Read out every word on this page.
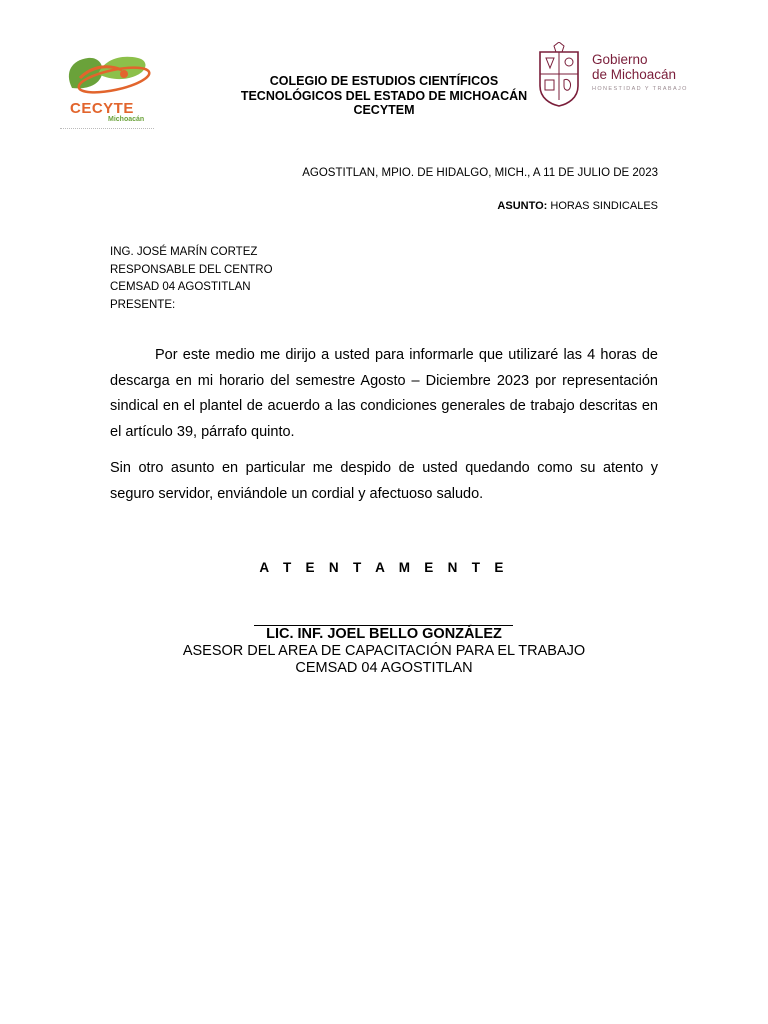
CECYTE
Michoacán
COLEGIO DE ESTUDIOS CIENTÍFICOS
TECNOLÓGICOS DEL ESTADO DE MICHOACÁN
CECYTEM
Gobierno
de Michoacán
HONESTIDAD Y TRABAJO
AGOSTITLAN, MPIO. DE HIDALGO, MICH., A 11 DE JULIO DE 2023
ASUNTO: HORAS SINDICALES
ING. JOSÉ MARÍN CORTEZ
RESPONSABLE DEL CENTRO
CEMSAD 04 AGOSTITLAN
PRESENTE:
Por este medio me dirijo a usted para informarle que utilizaré las 4 horas de descarga en mi horario del semestre Agosto – Diciembre 2023 por representación sindical en el plantel de acuerdo a las condiciones generales de trabajo descritas en el artículo 39, párrafo quinto.
Sin otro asunto en particular me despido de usted quedando como su atento y seguro servidor, enviándole un cordial y afectuoso saludo.
A T E N T A M E N T E
LIC. INF. JOEL BELLO GONZÁLEZ
ASESOR DEL AREA DE CAPACITACIÓN PARA EL TRABAJO
CEMSAD 04 AGOSTITLAN
